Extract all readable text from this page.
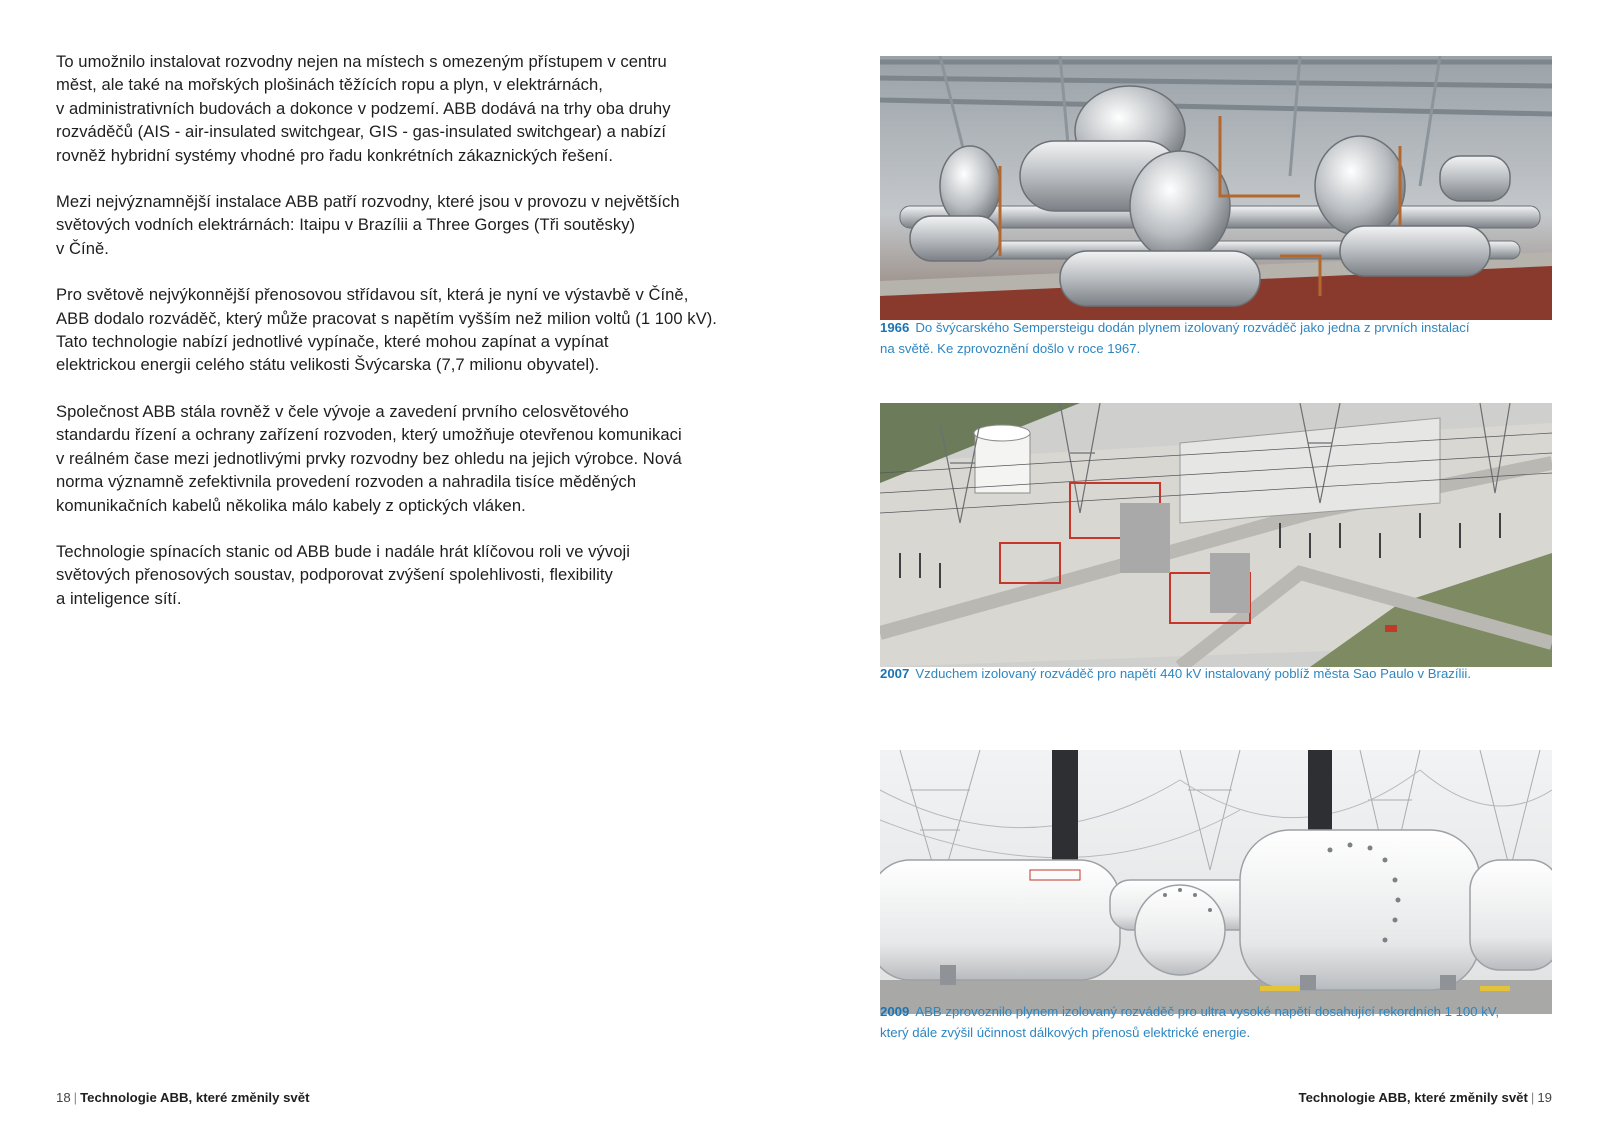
To umožnilo instalovat rozvodny nejen na místech s omezeným přístupem v centru
měst, ale také na mořských plošinách těžících ropu a plyn, v elektrárnách,
v administrativních budovách a dokonce v podzemí. ABB dodává na trhy oba druhy
rozváděčů (AIS - air-insulated switchgear, GIS - gas-insulated switchgear) a nabízí
rovněž hybridní systémy vhodné pro řadu konkrétních zákaznických řešení.

Mezi nejvýznamnější instalace ABB patří rozvodny, které jsou v provozu v největších
světových vodních elektrárnách: Itaipu v Brazílii a Three Gorges (Tři soutěsky)
v Číně.

Pro světově nejvýkonnější přenosovou střídavou sít, která je nyní ve výstavbě v Číně,
ABB dodalo rozváděč, který může pracovat s napětím vyšším než milion voltů (1 100 kV).
Tato technologie nabízí jednotlivé vypínače, které mohou zapínat a vypínat
elektrickou energii celého státu velikosti Švýcarska (7,7 milionu obyvatel).

Společnost ABB stála rovněž v čele vývoje a zavedení prvního celosvětového
standardu řízení a ochrany zařízení rozvoden, který umožňuje otevřenou komunikaci
v reálném čase mezi jednotlivými prvky rozvodny bez ohledu na jejich výrobce. Nová
norma významně zefektivnila provedení rozvoden a nahradila tisíce měděných
komunikačních kabelů několika málo kabely z optických vláken.

Technologie spínacích stanic od ABB bude i nadále hrát klíčovou roli ve vývoji
světových přenosových soustav, podporovat zvýšení spolehlivosti, flexibility
a inteligence sítí.

1966 Do švýcarského Sempersteigu dodán plynem izolovaný rozváděč jako jedna z prvních instalací
na světě. Ke zprovoznění došlo v roce 1967.
2007 Vzduchem izolovaný rozváděč pro napětí 440 kV instalovaný poblíž města Sao Paulo v Brazílii.
2009 ABB zprovoznilo plynem izolovaný rozváděč pro ultra vysoké napětí dosahující rekordních 1 100 kV,
který dále zvýšil účinnost dálkových přenosů elektrické energie.
18 | Technologie ABB, které změnily svět	Technologie ABB, které změnily svět | 19
